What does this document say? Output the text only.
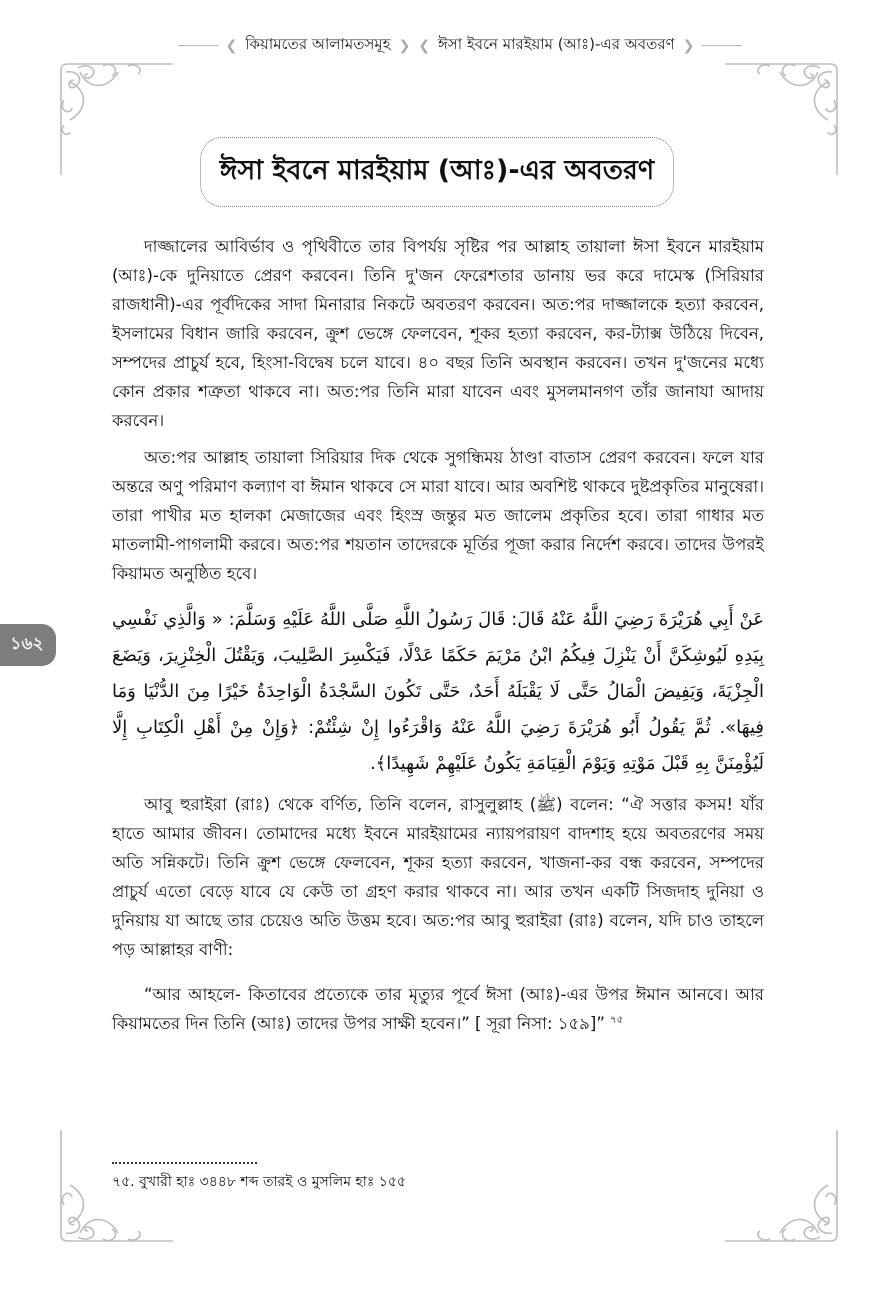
❮ কিয়ামতের আলামতসমূহ ❯ ❮ ঈসা ইবনে মারইয়াম (আঃ)-এর অবতরণ ❯
ঈসা ইবনে মারইয়াম (আঃ)-এর অবতরণ
১৬২

দাজ্জালের আবির্ভাব ও পৃথিবীতে তার বিপর্যয় সৃষ্টির পর আল্লাহ তায়ালা ঈসা ইবনে মারইয়াম (আঃ)-কে দুনিয়াতে প্রেরণ করবেন। তিনি দু'জন ফেরেশতার ডানায় ভর করে দামেস্ক (সিরিয়ার রাজধানী)-এর পূর্বদিকের সাদা মিনারার নিকটে অবতরণ করবেন। অত:পর দাজ্জালকে হত্যা করবেন, ইসলামের বিধান জারি করবেন, ক্রুশ ভেঙ্গে ফেলবেন, শূকর হত্যা করবেন, কর-ট্যাক্স উঠিয়ে দিবেন, সম্পদের প্রাচুর্য হবে, হিংসা-বিদ্বেষ চলে যাবে। ৪০ বছর তিনি অবস্থান করবেন। তখন দু'জনের মধ্যে কোন প্রকার শত্রুতা থাকবে না। অত:পর তিনি মারা যাবেন এবং মুসলমানগণ তাঁর জানাযা আদায় করবেন।

অত:পর আল্লাহ তায়ালা সিরিয়ার দিক থেকে সুগন্ধিময় ঠাণ্ডা বাতাস প্রেরণ করবেন। ফলে যার অন্তরে অণু পরিমাণ কল্যাণ বা ঈমান থাকবে সে মারা যাবে। আর অবশিষ্ট থাকবে দুষ্টপ্রকৃতির মানুষেরা। তারা পাখীর মত হালকা মেজাজের এবং হিংস্র জন্তুর মত জালেম প্রকৃতির হবে। তারা গাধার মত মাতলামী-পাগলামী করবে। অত:পর শয়তান তাদেরকে মূর্তির পূজা করার নির্দেশ করবে। তাদের উপরই কিয়ামত অনুষ্ঠিত হবে।

عَنْ أَبِي هُرَيْرَةَ رَضِيَ اللَّهُ عَنْهُ قَالَ: قَالَ رَسُولُ اللَّهِ صَلَّى اللَّهُ عَلَيْهِ وَسَلَّمَ: « وَالَّذِي نَفْسِي بِيَدِهِ لَيُوشِكَنَّ أَنْ يَنْزِلَ فِيكُمُ ابْنُ مَرْيَمَ حَكَمًا عَدْلًا، فَيَكْسِرَ الصَّلِيبَ، وَيَقْتُلَ الْخِنْزِيرَ، وَيَضَعَ الْجِزْيَةَ، وَيَفِيضَ الْمَالُ حَتَّى لَا يَقْبَلَهُ أَحَدٌ، حَتَّى تَكُونَ السَّجْدَةُ الْوَاحِدَةُ خَيْرًا مِنَ الدُّنْيَا وَمَا فِيهَا». ثُمَّ يَقُولُ أَبُو هُرَيْرَةَ رَضِيَ اللَّهُ عَنْهُ وَاقْرَءُوا إِنْ شِئْتُمْ: ﴿وَإِنْ مِنْ أَهْلِ الْكِتَابِ إِلَّا لَيُؤْمِنَنَّ بِهِ قَبْلَ مَوْتِهِ وَيَوْمَ الْقِيَامَةِ يَكُونُ عَلَيْهِمْ شَهِيدًا﴾.

আবু হুরাইরা (রাঃ) থেকে বর্ণিত, তিনি বলেন, রাসুলুল্লাহ (ﷺ) বলেন: “ঐ সত্তার কসম! যাঁর হাতে আমার জীবন। তোমাদের মধ্যে ইবনে মারইয়ামের ন্যায়পরায়ণ বাদশাহ হয়ে অবতরণের সময় অতি সন্নিকটে। তিনি ক্রুশ ভেঙ্গে ফেলবেন, শূকর হত্যা করবেন, খাজনা-কর বন্ধ করবেন, সম্পদের প্রাচুর্য এতো বেড়ে যাবে যে কেউ তা গ্রহণ করার থাকবে না। আর তখন একটি সিজদাহ দুনিয়া ও দুনিয়ায় যা আছে তার চেয়েও অতি উত্তম হবে। অত:পর আবু হুরাইরা (রাঃ) বলেন, যদি চাও তাহলে পড় আল্লাহর বাণী:

“আর আহলে- কিতাবের প্রত্যেকে তার মৃত্যুর পূর্বে ঈসা (আঃ)-এর উপর ঈমান আনবে। আর কিয়ামতের দিন তিনি (আঃ) তাদের উপর সাক্ষী হবেন।” [ সূরা নিসা: ১৫৯]” $^{৭৫}$

৭৫. বুখারী হাঃ ৩৪৪৮ শব্দ তারই ও মুসলিম হাঃ ১৫৫
